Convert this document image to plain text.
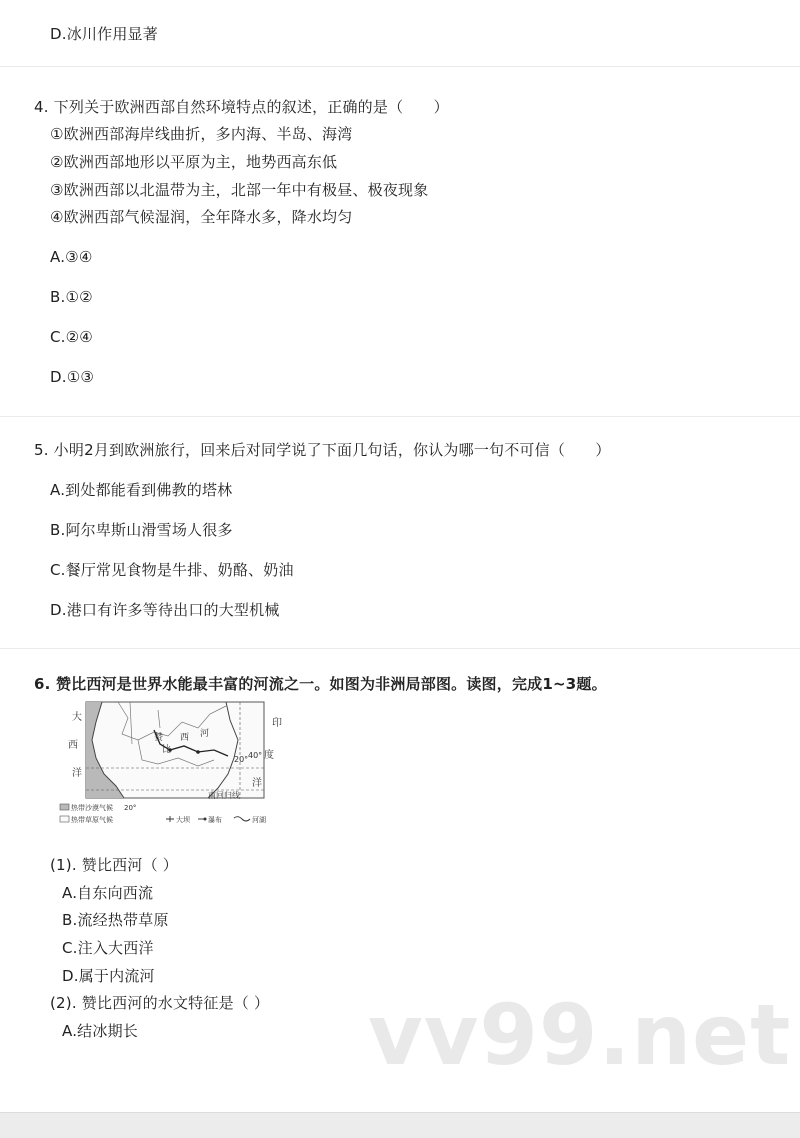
D.冰川作用显著
4. 下列关于欧洲西部自然环境特点的叙述，正确的是（　　）
①欧洲西部海岸线曲折，多内海、半岛、海湾
②欧洲西部地形以平原为主，地势西高东低
③欧洲西部以北温带为主，北部一年中有极昼、极夜现象
④欧洲西部气候湿润，全年降水多，降水均匀
A.③④
B.①②
C.②④
D.①③
5. 小明2月到欧洲旅行，回来后对同学说了下面几句话，你认为哪一句不可信（　　）
A.到处都能看到佛教的塔林
B.阿尔卑斯山滑雪场人很多
C.餐厅常见食物是牛排、奶酪、奶油
D.港口有许多等待出口的大型机械
6. 赞比西河是世界水能最丰富的河流之一。如图为非洲局部图。读图，完成1~3题。
大
西
洋
印
度
洋
赞
比
西 河
20° 40°
南回归线
热带沙漠气候 20°
热带草原气候	大坝	瀑布	河湖
(1). 赞比西河（ ）
A.自东向西流
B.流经热带草原
C.注入大西洋
D.属于内流河
(2). 赞比西河的水文特征是（ ）
A.结冰期长	vv99.net
